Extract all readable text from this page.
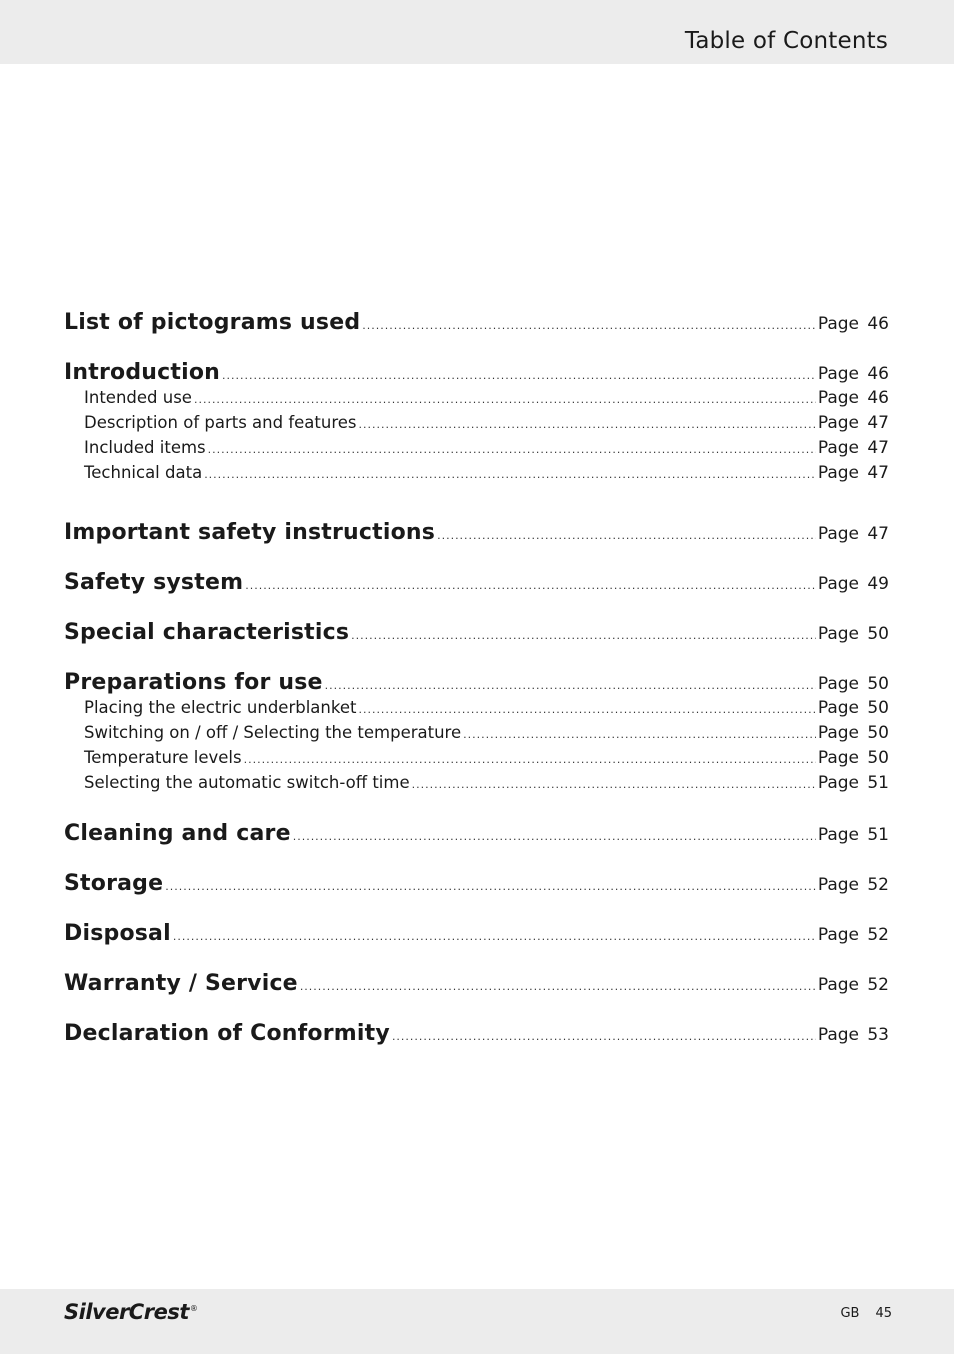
Table of Contents
List of pictograms used .....	Page 46
Introduction .....	Page 46
Intended use .....	Page 46
Description of parts and features .....	Page 47
Included items .....	Page 47
Technical data .....	Page 47
Important safety instructions .....	Page 47
Safety system .....	Page 49
Special characteristics .....	Page 50
Preparations for use .....	Page 50
Placing the electric underblanket .....	Page 50
Switching on / off / Selecting the temperature .....	Page 50
Temperature levels .....	Page 50
Selecting the automatic switch-off time .....	Page 51
Cleaning and care .....	Page 51
Storage .....	Page 52
Disposal .....	Page 52
Warranty / Service .....	Page 52
Declaration of Conformity .....	Page 53
SilverCrest®	GB 45
